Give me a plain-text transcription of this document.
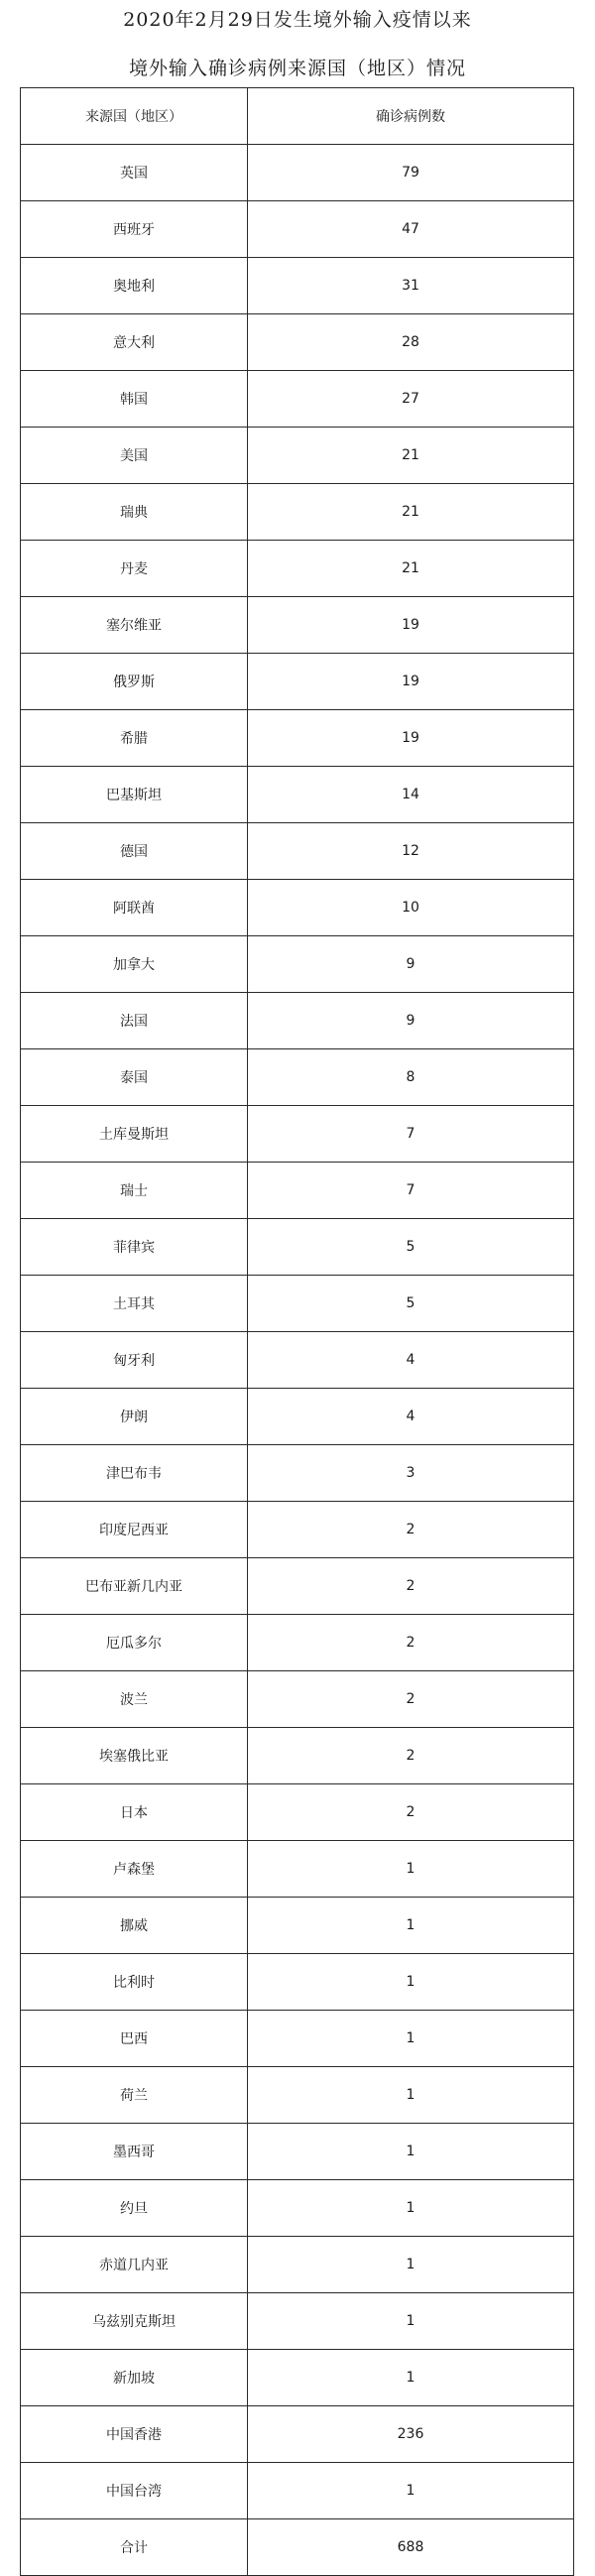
2020年2月29日发生境外输入疫情以来
境外输入确诊病例来源国（地区）情况
来源国（地区）	确诊病例数
英国	79
西班牙	47
奥地利	31
意大利	28
韩国	27
美国	21
瑞典	21
丹麦	21
塞尔维亚	19
俄罗斯	19
希腊	19
巴基斯坦	14
德国	12
阿联酋	10
加拿大	9
法国	9
泰国	8
土库曼斯坦	7
瑞士	7
菲律宾	5
土耳其	5
匈牙利	4
伊朗	4
津巴布韦	3
印度尼西亚	2
巴布亚新几内亚	2
厄瓜多尔	2
波兰	2
埃塞俄比亚	2
日本	2
卢森堡	1
挪威	1
比利时	1
巴西	1
荷兰	1
墨西哥	1
约旦	1
赤道几内亚	1
乌兹别克斯坦	1
新加坡	1
中国香港	236
中国台湾	1
合计	688
